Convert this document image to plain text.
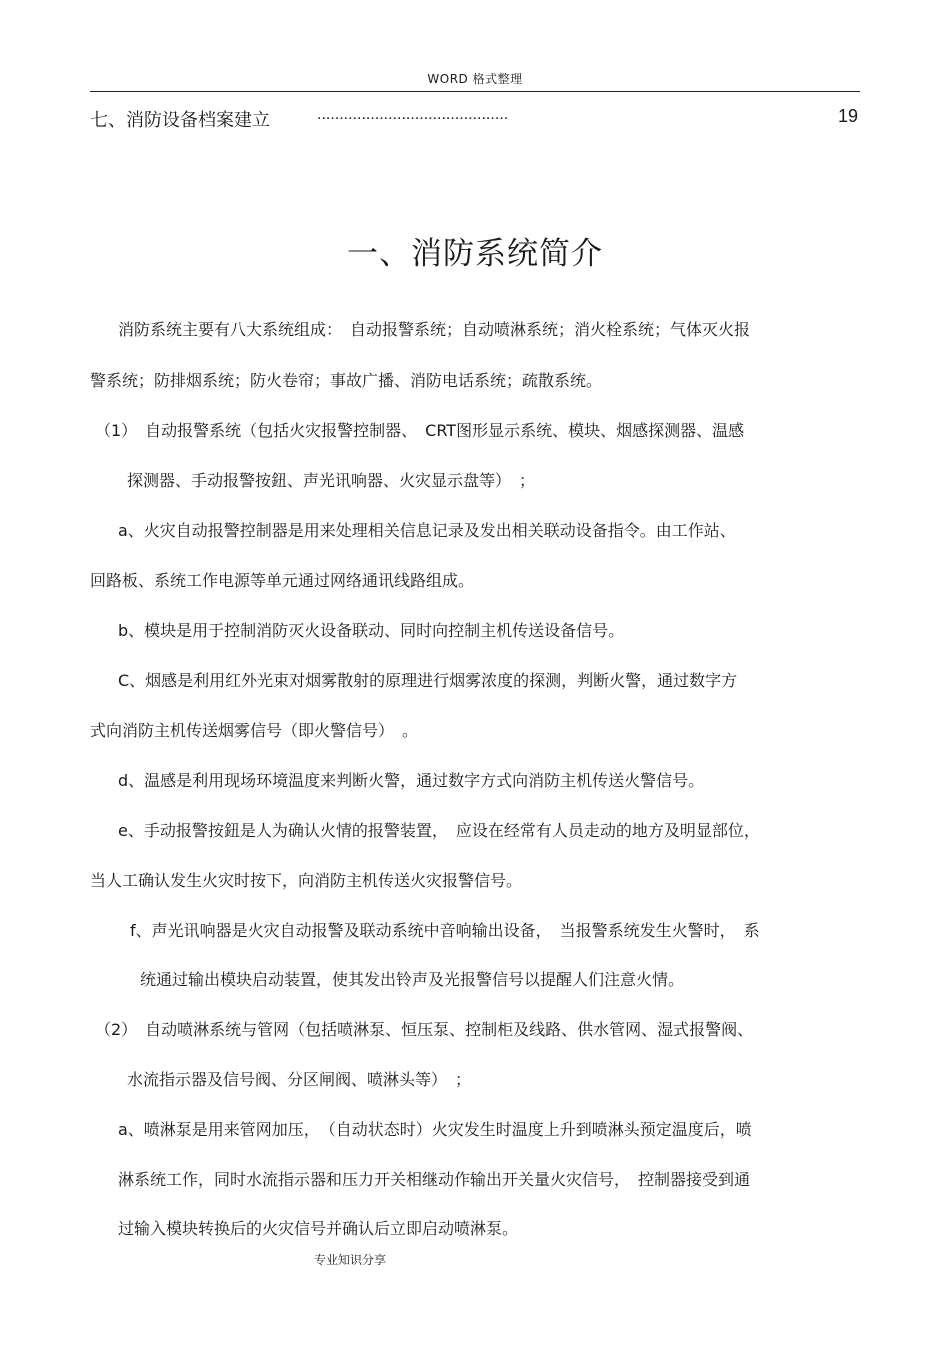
WORD 格式整理
七、消防设备档案建立	...........................................	19
一、消防系统简介
消防系统主要有八大系统组成：　自动报警系统；自动喷淋系统；消火栓系统；气体灭火报
警系统；防排烟系统；防火卷帘；事故广播、消防电话系统；疏散系统。
（1）　自动报警系统（包括火灾报警控制器、　CRT图形显示系统、模块、烟感探测器、温感
探测器、手动报警按鈕、声光讯响器、火灾显示盘等）　；
a、火灾自动报警控制器是用来处理相关信息记录及发出相关联动设备指令。由工作站、
回路板、系统工作电源等单元通过网络通讯线路组成。
b、模块是用于控制消防灭火设备联动、同时向控制主机传送设备信号。
C、烟感是利用红外光束对烟雾散射的原理进行烟雾浓度的探测，判断火警，通过数字方
式向消防主机传送烟雾信号（即火警信号）　。
d、温感是利用现场环境温度来判断火警，通过数字方式向消防主机传送火警信号。
e、手动报警按鈕是人为确认火情的报警装置，　应设在经常有人员走动的地方及明显部位，
当人工确认发生火灾时按下，向消防主机传送火灾报警信号。
f、声光讯响器是火灾自动报警及联动系统中音响输出设备，　当报警系统发生火警时，　系
统通过输出模块启动装置，使其发出铃声及光报警信号以提醒人们注意火情。
（2）　自动喷淋系统与管网（包括喷淋泵、恒压泵、控制柜及线路、供水管网、湿式报警阀、
水流指示器及信号阀、分区闸阀、喷淋头等）　；
a、喷淋泵是用来管网加压，　（自动状态时）火灾发生时温度上升到喷淋头预定温度后，喷
淋系统工作，同时水流指示器和压力开关相继动作输出开关量火灾信号，　控制器接受到通
过输入模块转换后的火灾信号并确认后立即启动喷淋泵。
专业知识分享
